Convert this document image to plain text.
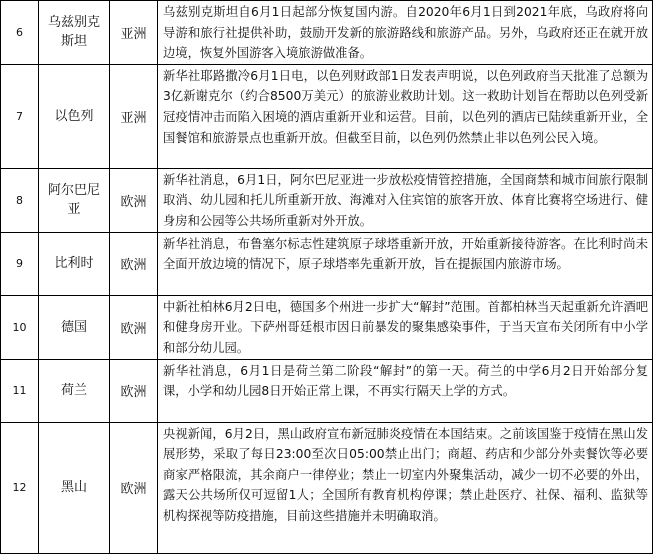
6	乌兹别克斯坦	亚洲	乌兹别克斯坦自6月1日起部分恢复国内游。自2020年6月1日到2021年底，乌政府将向导游和旅行社提供补助，鼓励开发新的旅游路线和旅游产品。另外，乌政府还正在就开放边境，恢复外国游客入境旅游做准备。
7	以色列	亚洲	新华社耶路撒冷6月1日电，以色列财政部1日发表声明说，以色列政府当天批准了总额为3亿新谢克尔（约合8500万美元）的旅游业救助计划。这一救助计划旨在帮助以色列受新冠疫情冲击而陷入困境的酒店重新开业和运营。目前，以色列的酒店已陆续重新开业，全国餐馆和旅游景点也重新开放。但截至目前，以色列仍然禁止非以色列公民入境。
8	阿尔巴尼亚	欧洲	新华社消息，6月1日，阿尔巴尼亚进一步放松疫情管控措施，全国商禁和城市间旅行限制取消、幼儿园和托儿所重新开放、海滩对入住宾馆的旅客开放、体育比赛将空场进行、健身房和公园等公共场所重新对外开放。
9	比利时	欧洲	新华社消息，布鲁塞尔标志性建筑原子球塔重新开放，开始重新接待游客。在比利时尚未全面开放边境的情况下，原子球塔率先重新开放，旨在提振国内旅游市场。
10	德国	欧洲	中新社柏林6月2日电，德国多个州进一步扩大“解封”范围。首都柏林当天起重新允许酒吧和健身房开业。下萨州哥廷根市因日前暴发的聚集感染事件，于当天宣布关闭所有中小学和部分幼儿园。
11	荷兰	欧洲	新华社消息，6月1日是荷兰第二阶段“解封”的第一天。荷兰的中学6月2日开始部分复课，小学和幼儿园8日开始正常上课，不再实行隔天上学的方式。
12	黑山	欧洲	央视新闻，6月2日，黑山政府宣布新冠肺炎疫情在本国结束。之前该国鉴于疫情在黑山发展形势，采取了每日23:00至次日05:00禁止出门；商超、药店和少部分外卖餐饮等必要商家严格限流，其余商户一律停业；禁止一切室内外聚集活动，减少一切不必要的外出，露天公共场所仅可逗留1人；全国所有教育机构停课；禁止赴医疗、社保、福利、监狱等机构探视等防疫措施，目前这些措施并未明确取消。
